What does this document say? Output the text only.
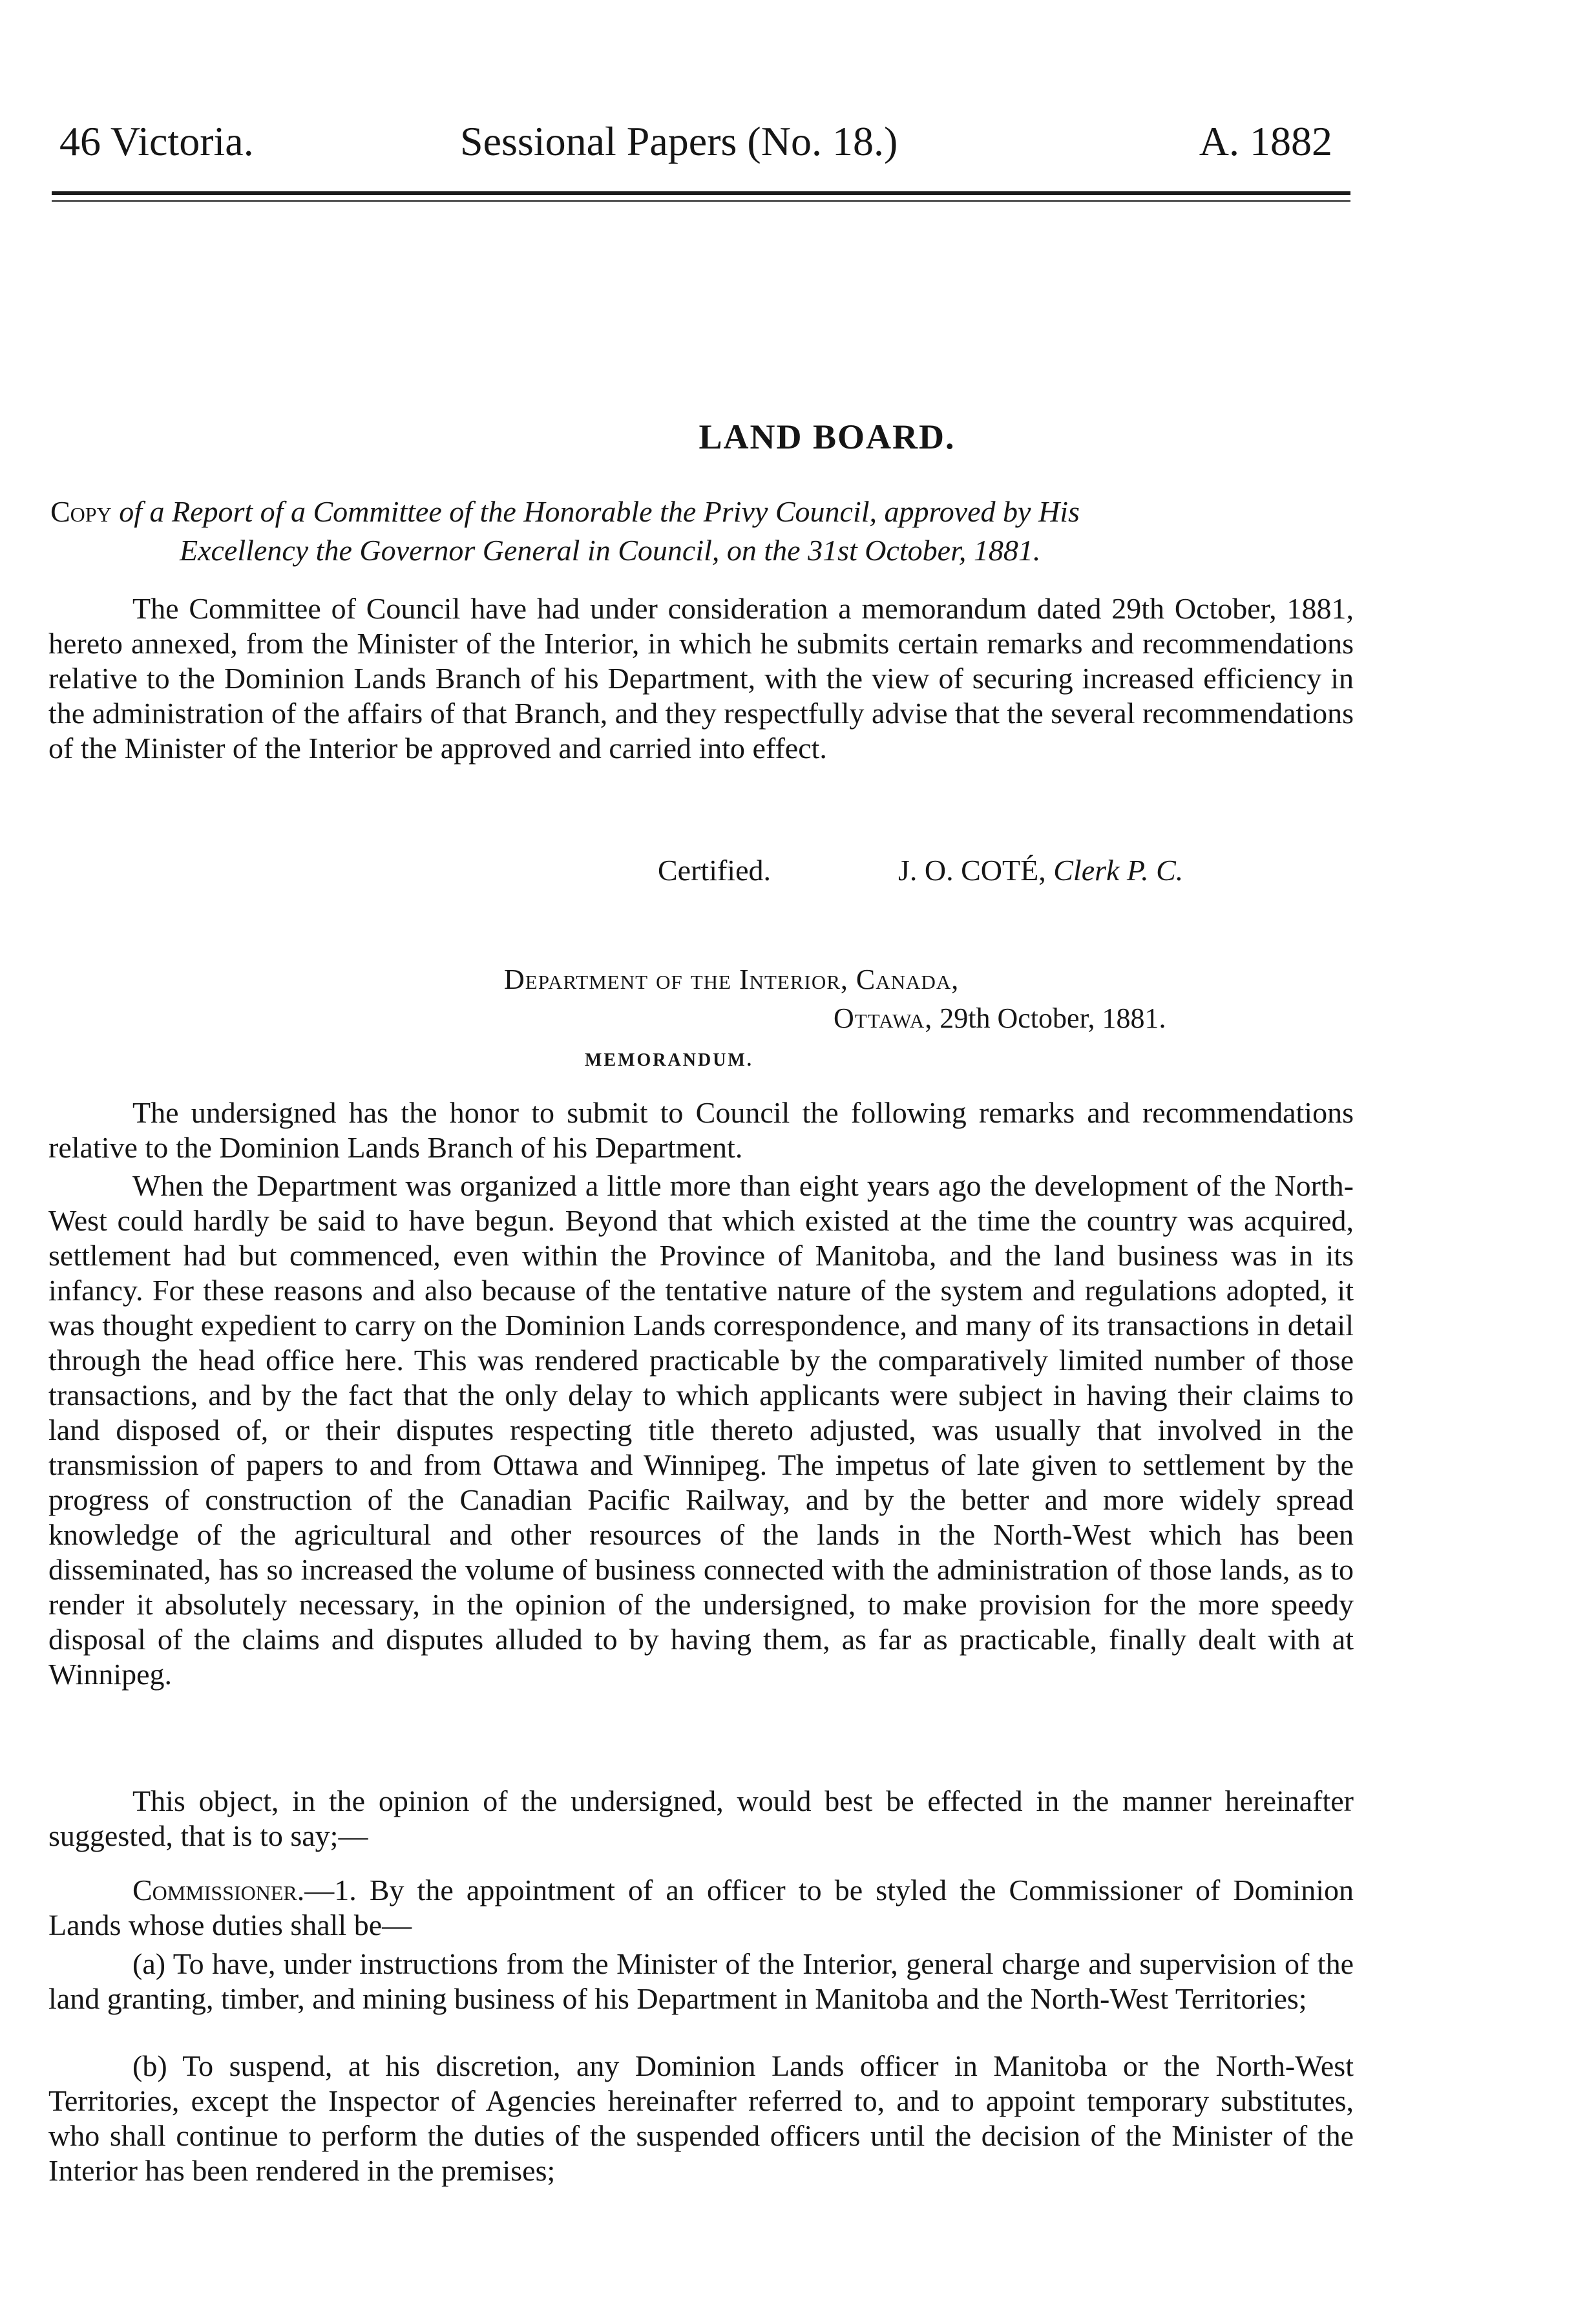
46 Victoria.	Sessional Papers (No. 18.)	A. 1882
LAND BOARD.
Copy of a Report of a Committee of the Honorable the Privy Council, approved by His
Excellency the Governor General in Council, on the 31st October, 1881.
The Committee of Council have had under consideration a memorandum dated 29th October, 1881, hereto annexed, from the Minister of the Interior, in which he submits certain remarks and recommendations relative to the Dominion Lands Branch of his Department, with the view of securing increased efficiency in the administration of the affairs of that Branch, and they respectfully advise that the several recommendations of the Minister of the Interior be approved and carried into effect.
Certified.	J. O. COTÉ, Clerk P. C.
Department of the Interior, Canada,
Ottawa, 29th October, 1881.
MEMORANDUM.
The undersigned has the honor to submit to Council the following remarks and recommendations relative to the Dominion Lands Branch of his Department.
When the Department was organized a little more than eight years ago the development of the North-West could hardly be said to have begun. Beyond that which existed at the time the country was acquired, settlement had but commenced, even within the Province of Manitoba, and the land business was in its infancy. For these reasons and also because of the tentative nature of the system and regulations adopted, it was thought expedient to carry on the Dominion Lands correspondence, and many of its transactions in detail through the head office here. This was rendered practicable by the comparatively limited number of those transactions, and by the fact that the only delay to which applicants were subject in having their claims to land disposed of, or their disputes respecting title thereto adjusted, was usually that involved in the transmission of papers to and from Ottawa and Winnipeg. The impetus of late given to settlement by the progress of construction of the Canadian Pacific Railway, and by the better and more widely spread knowledge of the agricultural and other resources of the lands in the North-West which has been disseminated, has so increased the volume of business connected with the administration of those lands, as to render it absolutely necessary, in the opinion of the undersigned, to make provision for the more speedy disposal of the claims and disputes alluded to by having them, as far as practicable, finally dealt with at Winnipeg.
This object, in the opinion of the undersigned, would best be effected in the manner hereinafter suggested, that is to say;—
Commissioner.—1. By the appointment of an officer to be styled the Commissioner of Dominion Lands whose duties shall be—
(a) To have, under instructions from the Minister of the Interior, general charge and supervision of the land granting, timber, and mining business of his Department in Manitoba and the North-West Territories;
(b) To suspend, at his discretion, any Dominion Lands officer in Manitoba or the North-West Territories, except the Inspector of Agencies hereinafter referred to, and to appoint temporary substitutes, who shall continue to perform the duties of the suspended officers until the decision of the Minister of the Interior has been rendered in the premises;
